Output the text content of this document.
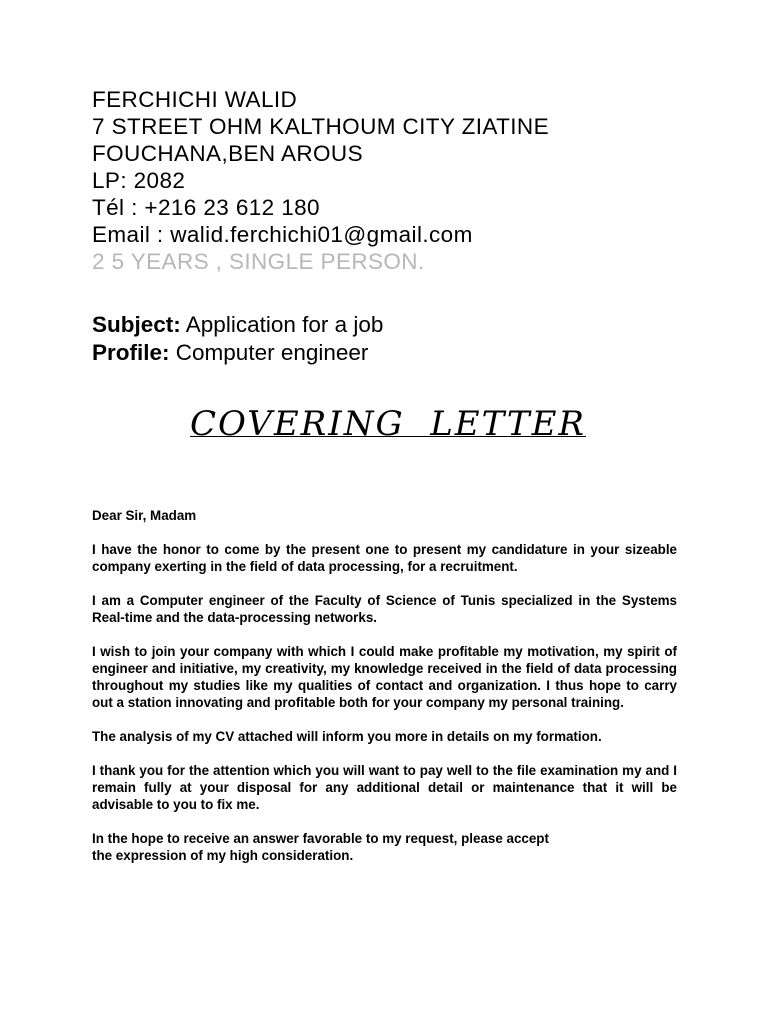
FERCHICHI WALID
7 STREET OHM KALTHOUM CITY ZIATINE
FOUCHANA,BEN AROUS
LP: 2082
Tél : +216 23 612 180
Email : walid.ferchichi01@gmail.com
2 5 YEARS , SINGLE PERSON.
Subject: Application for a job
Profile: Computer engineer
COVERING  LETTER

Dear Sir, Madam

I have the honor to come by the present one to present my candidature in your sizeable company exerting in the field of data processing, for a recruitment.

I am a Computer engineer of the Faculty of Science of Tunis specialized in the Systems Real-time and the data-processing networks.

I wish to join your company with which I could make profitable my motivation, my spirit of engineer and initiative, my creativity, my knowledge received in the field of data processing throughout my studies like my qualities of contact and organization. I thus hope to carry out a station innovating and profitable both for your company my personal training.

The analysis of my CV attached will inform you more in details on my formation.

I thank you for the attention which you will want to pay well to the file examination my and I remain fully at your disposal for any additional detail or maintenance that it will be advisable to you to fix me.

In the hope to receive an answer favorable to my request, please accept
the expression of my high consideration.
